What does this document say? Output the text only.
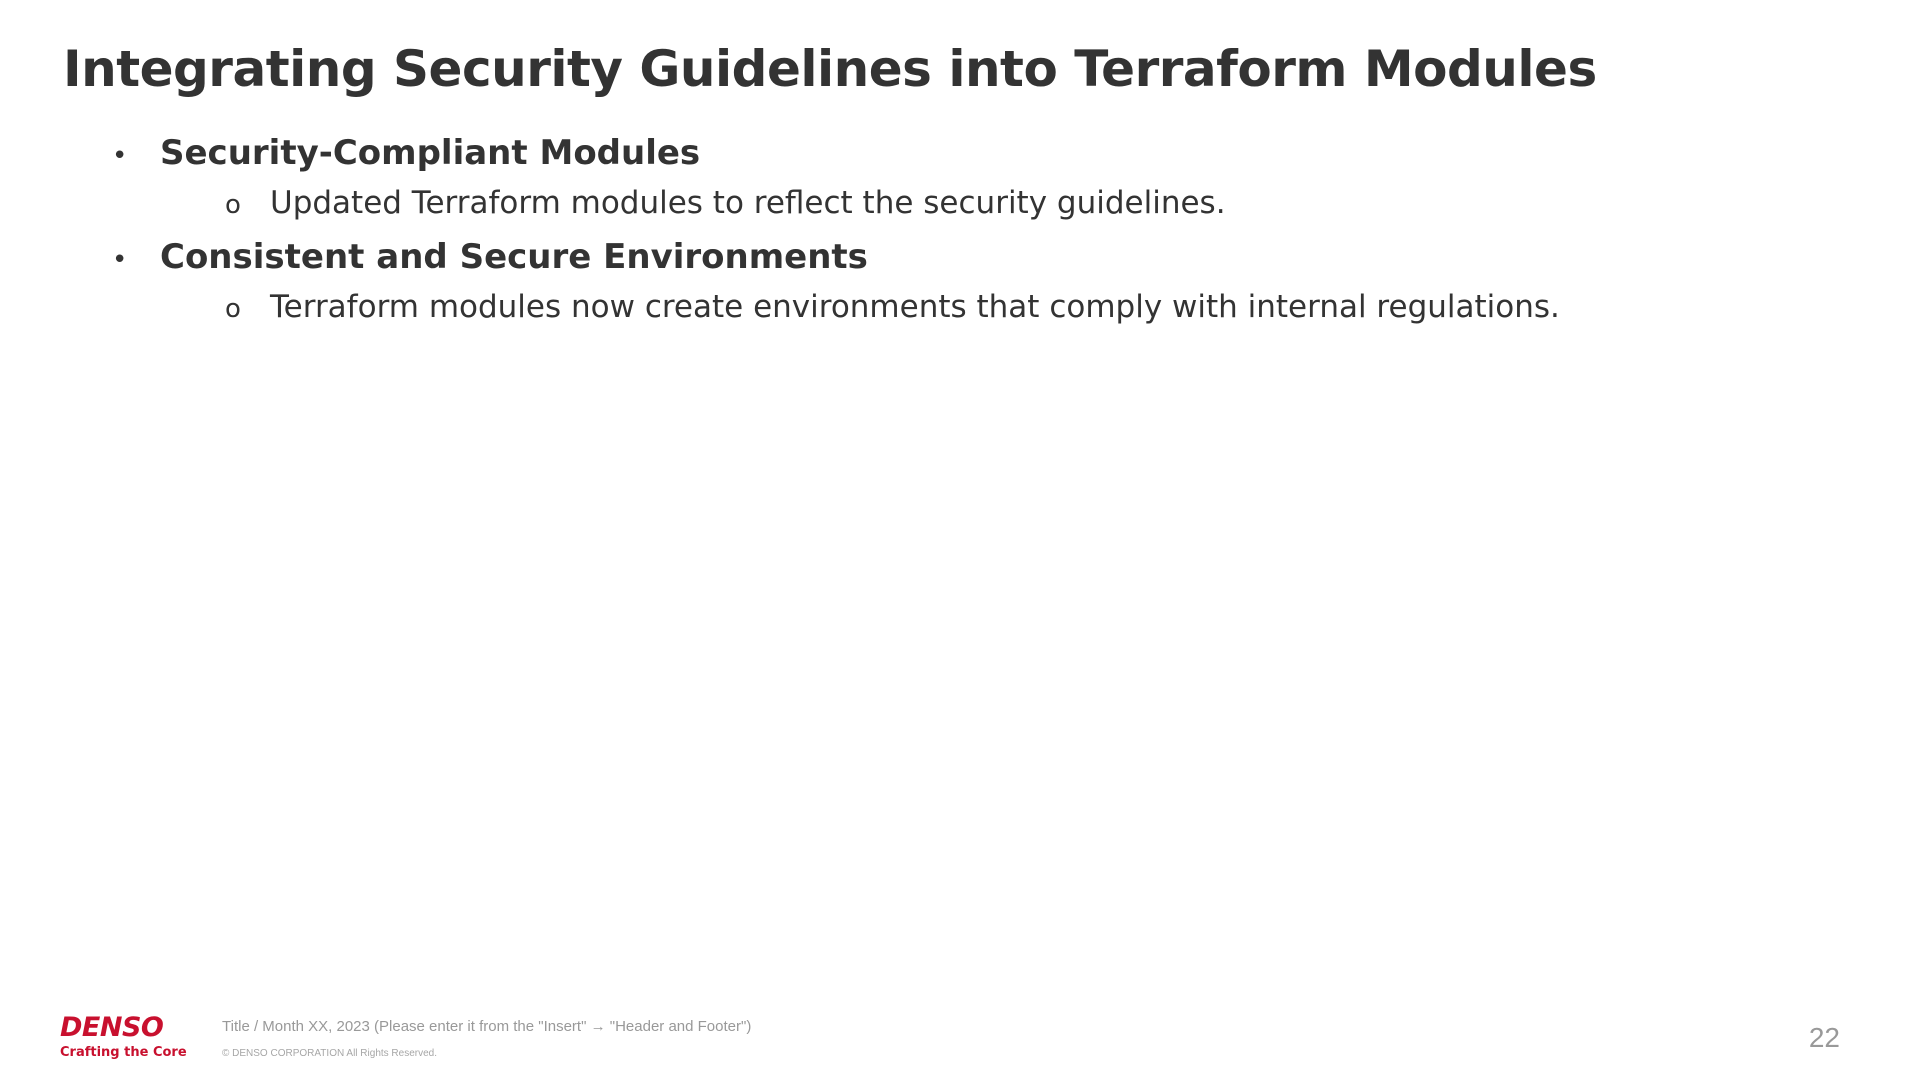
Integrating Security Guidelines into Terraform Modules
• Security-Compliant Modules
o Updated Terraform modules to reflect the security guidelines.
• Consistent and Secure Environments
o Terraform modules now create environments that comply with internal regulations.
DENSO
Crafting the Core
Title / Month XX, 2023 (Please enter it from the "Insert" → "Header and Footer")
© DENSO CORPORATION All Rights Reserved.
22
